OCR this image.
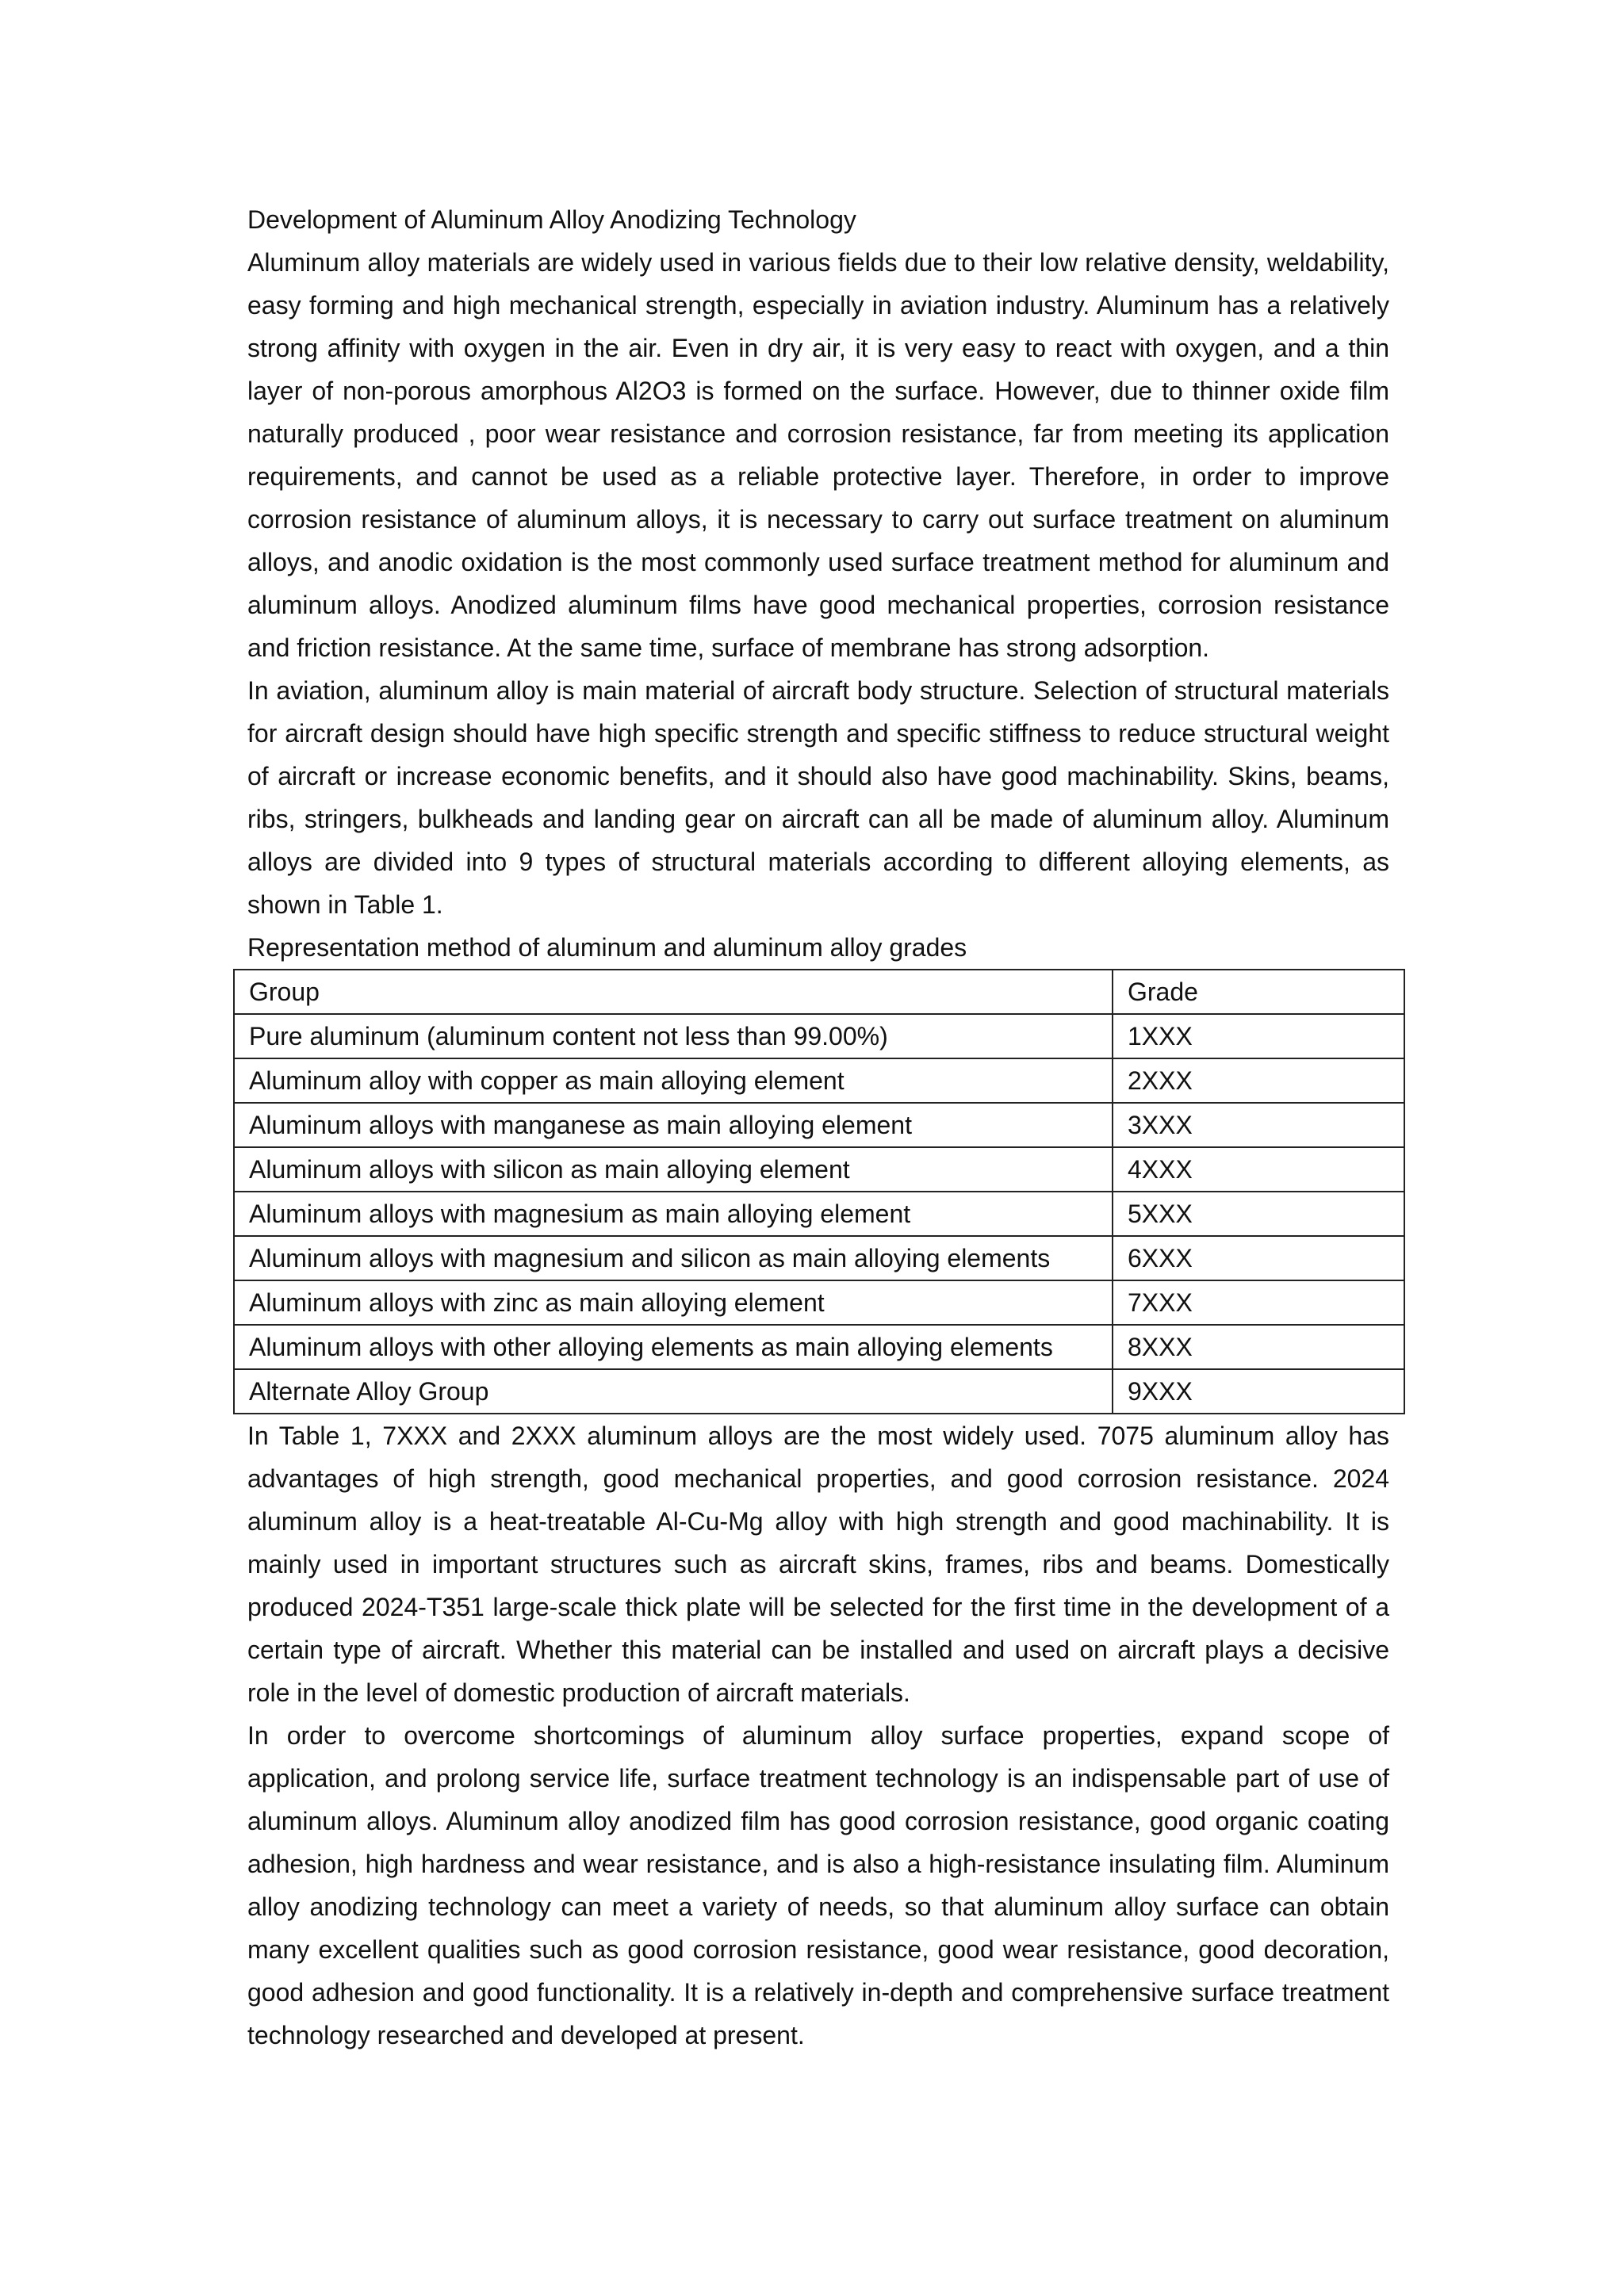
Development of Aluminum Alloy Anodizing Technology

Aluminum alloy materials are widely used in various fields due to their low relative density, weldability, easy forming and high mechanical strength, especially in aviation industry. Aluminum has a relatively strong affinity with oxygen in the air. Even in dry air, it is very easy to react with oxygen, and a thin layer of non-porous amorphous Al2O3 is formed on the surface. However, due to thinner oxide film naturally produced , poor wear resistance and corrosion resistance, far from meeting its application requirements, and cannot be used as a reliable protective layer. Therefore, in order to improve corrosion resistance of aluminum alloys, it is necessary to carry out surface treatment on aluminum alloys, and anodic oxidation is the most commonly used surface treatment method for aluminum and aluminum alloys. Anodized aluminum films have good mechanical properties, corrosion resistance and friction resistance. At the same time, surface of membrane has strong adsorption.

In aviation, aluminum alloy is main material of aircraft body structure. Selection of structural materials for aircraft design should have high specific strength and specific stiffness to reduce structural weight of aircraft or increase economic benefits, and it should also have good machinability. Skins, beams, ribs, stringers, bulkheads and landing gear on aircraft can all be made of aluminum alloy. Aluminum alloys are divided into 9 types of structural materials according to different alloying elements, as shown in Table 1.

Representation method of aluminum and aluminum alloy grades

Group	Grade
Pure aluminum (aluminum content not less than 99.00%)	1XXX
Aluminum alloy with copper as main alloying element	2XXX
Aluminum alloys with manganese as main alloying element	3XXX
Aluminum alloys with silicon as main alloying element	4XXX
Aluminum alloys with magnesium as main alloying element	5XXX
Aluminum alloys with magnesium and silicon as main alloying elements	6XXX
Aluminum alloys with zinc as main alloying element	7XXX
Aluminum alloys with other alloying elements as main alloying elements	8XXX
Alternate Alloy Group	9XXX

In Table 1, 7XXX and 2XXX aluminum alloys are the most widely used. 7075 aluminum alloy has advantages of high strength, good mechanical properties, and good corrosion resistance. 2024 aluminum alloy is a heat-treatable Al-Cu-Mg alloy with high strength and good machinability. It is mainly used in important structures such as aircraft skins, frames, ribs and beams. Domestically produced 2024-T351 large-scale thick plate will be selected for the first time in the development of a certain type of aircraft. Whether this material can be installed and used on aircraft plays a decisive role in the level of domestic production of aircraft materials.

In order to overcome shortcomings of aluminum alloy surface properties, expand scope of application, and prolong service life, surface treatment technology is an indispensable part of use of aluminum alloys. Aluminum alloy anodized film has good corrosion resistance, good organic coating adhesion, high hardness and wear resistance, and is also a high-resistance insulating film. Aluminum alloy anodizing technology can meet a variety of needs, so that aluminum alloy surface can obtain many excellent qualities such as good corrosion resistance, good wear resistance, good decoration, good adhesion and good functionality. It is a relatively in-depth and comprehensive surface treatment technology researched and developed at present.
